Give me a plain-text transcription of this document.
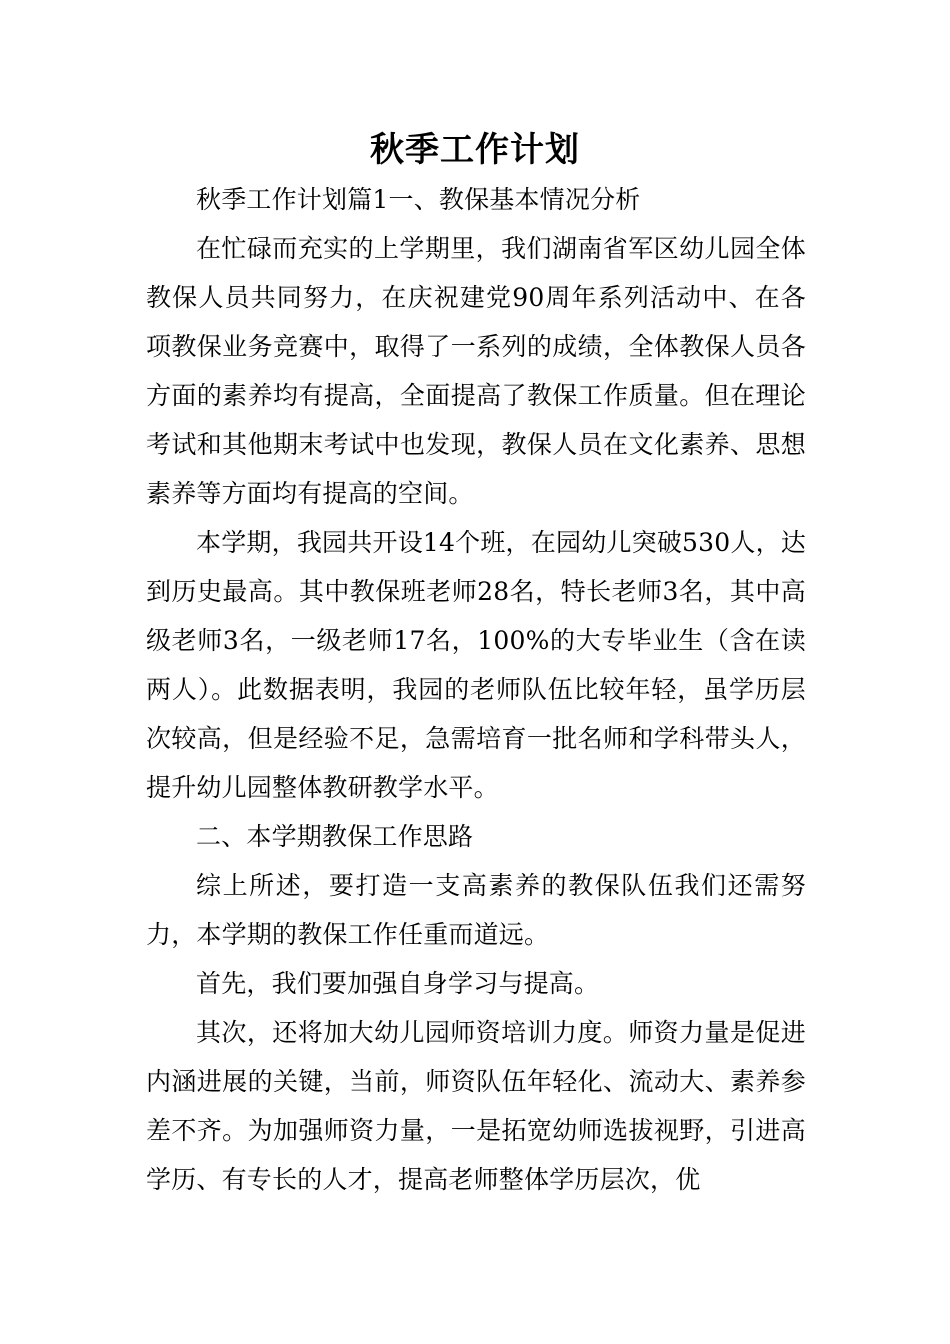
秋季工作计划

秋季工作计划篇1一、教保基本情况分析

在忙碌而充实的上学期里，我们湖南省军区幼儿园全体教保人员共同努力，在庆祝建党90周年系列活动中、在各项教保业务竞赛中，取得了一系列的成绩，全体教保人员各方面的素养均有提高，全面提高了教保工作质量。但在理论考试和其他期末考试中也发现，教保人员在文化素养、思想素养等方面均有提高的空间。

本学期，我园共开设14个班，在园幼儿突破530人，达到历史最高。其中教保班老师28名，特长老师3名，其中高级老师3名，一级老师17名，100%的大专毕业生（含在读两人）。此数据表明，我园的老师队伍比较年轻，虽学历层次较高，但是经验不足，急需培育一批名师和学科带头人，提升幼儿园整体教研教学水平。

二、本学期教保工作思路

综上所述，要打造一支高素养的教保队伍我们还需努力，本学期的教保工作任重而道远。

首先，我们要加强自身学习与提高。

其次，还将加大幼儿园师资培训力度。师资力量是促进内涵进展的关键，当前，师资队伍年轻化、流动大、素养参差不齐。为加强师资力量，一是拓宽幼师选拔视野，引进高学历、有专长的人才，提高老师整体学历层次，优
